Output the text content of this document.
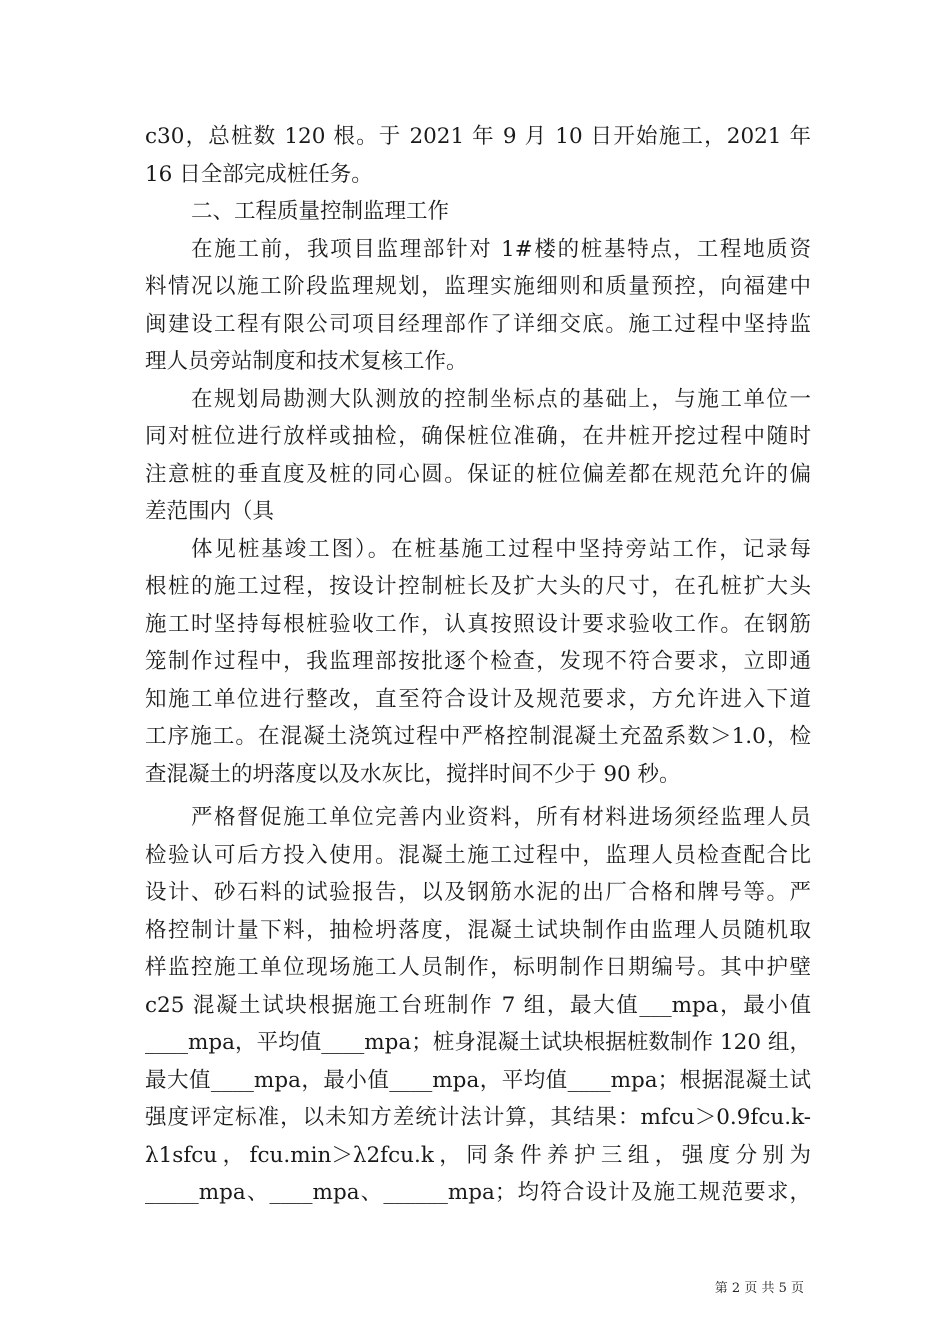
c30，总桩数 120 根。于 2021 年 9 月 10 日开始施工，2021 年
16 日全部完成桩任务。
二、工程质量控制监理工作
在施工前，我项目监理部针对 1#楼的桩基特点，工程地质资
料情况以施工阶段监理规划，监理实施细则和质量预控，向福建中
闽建设工程有限公司项目经理部作了详细交底。施工过程中坚持监
理人员旁站制度和技术复核工作。
在规划局勘测大队测放的控制坐标点的基础上，与施工单位一
同对桩位进行放样或抽检，确保桩位准确，在井桩开挖过程中随时
注意桩的垂直度及桩的同心圆。保证的桩位偏差都在规范允许的偏
差范围内（具
体见桩基竣工图）。在桩基施工过程中坚持旁站工作，记录每
根桩的施工过程，按设计控制桩长及扩大头的尺寸，在孔桩扩大头
施工时坚持每根桩验收工作，认真按照设计要求验收工作。在钢筋
笼制作过程中，我监理部按批逐个检查，发现不符合要求，立即通
知施工单位进行整改，直至符合设计及规范要求，方允许进入下道
工序施工。在混凝土浇筑过程中严格控制混凝土充盈系数＞1.0，检
查混凝土的坍落度以及水灰比，搅拌时间不少于 90 秒。
严格督促施工单位完善内业资料，所有材料进场须经监理人员
检验认可后方投入使用。混凝土施工过程中，监理人员检查配合比
设计、砂石料的试验报告，以及钢筋水泥的出厂合格和牌号等。严
格控制计量下料，抽检坍落度，混凝土试块制作由监理人员随机取
样监控施工单位现场施工人员制作，标明制作日期编号。其中护壁
c25 混凝土试块根据施工台班制作 7 组，最大值___mpa，最小值
____mpa，平均值____mpa；桩身混凝土试块根据桩数制作 120 组，
最大值____mpa，最小值____mpa，平均值____mpa；根据混凝土试
强度评定标准，以未知方差统计法计算，其结果：mfcu＞0.9fcu.k-
λ1sfcu，fcu.min＞λ2fcu.k，同条件养护三组，强度分别为
_____mpa、____mpa、______mpa；均符合设计及施工规范要求，
第 2 页 共 5 页
